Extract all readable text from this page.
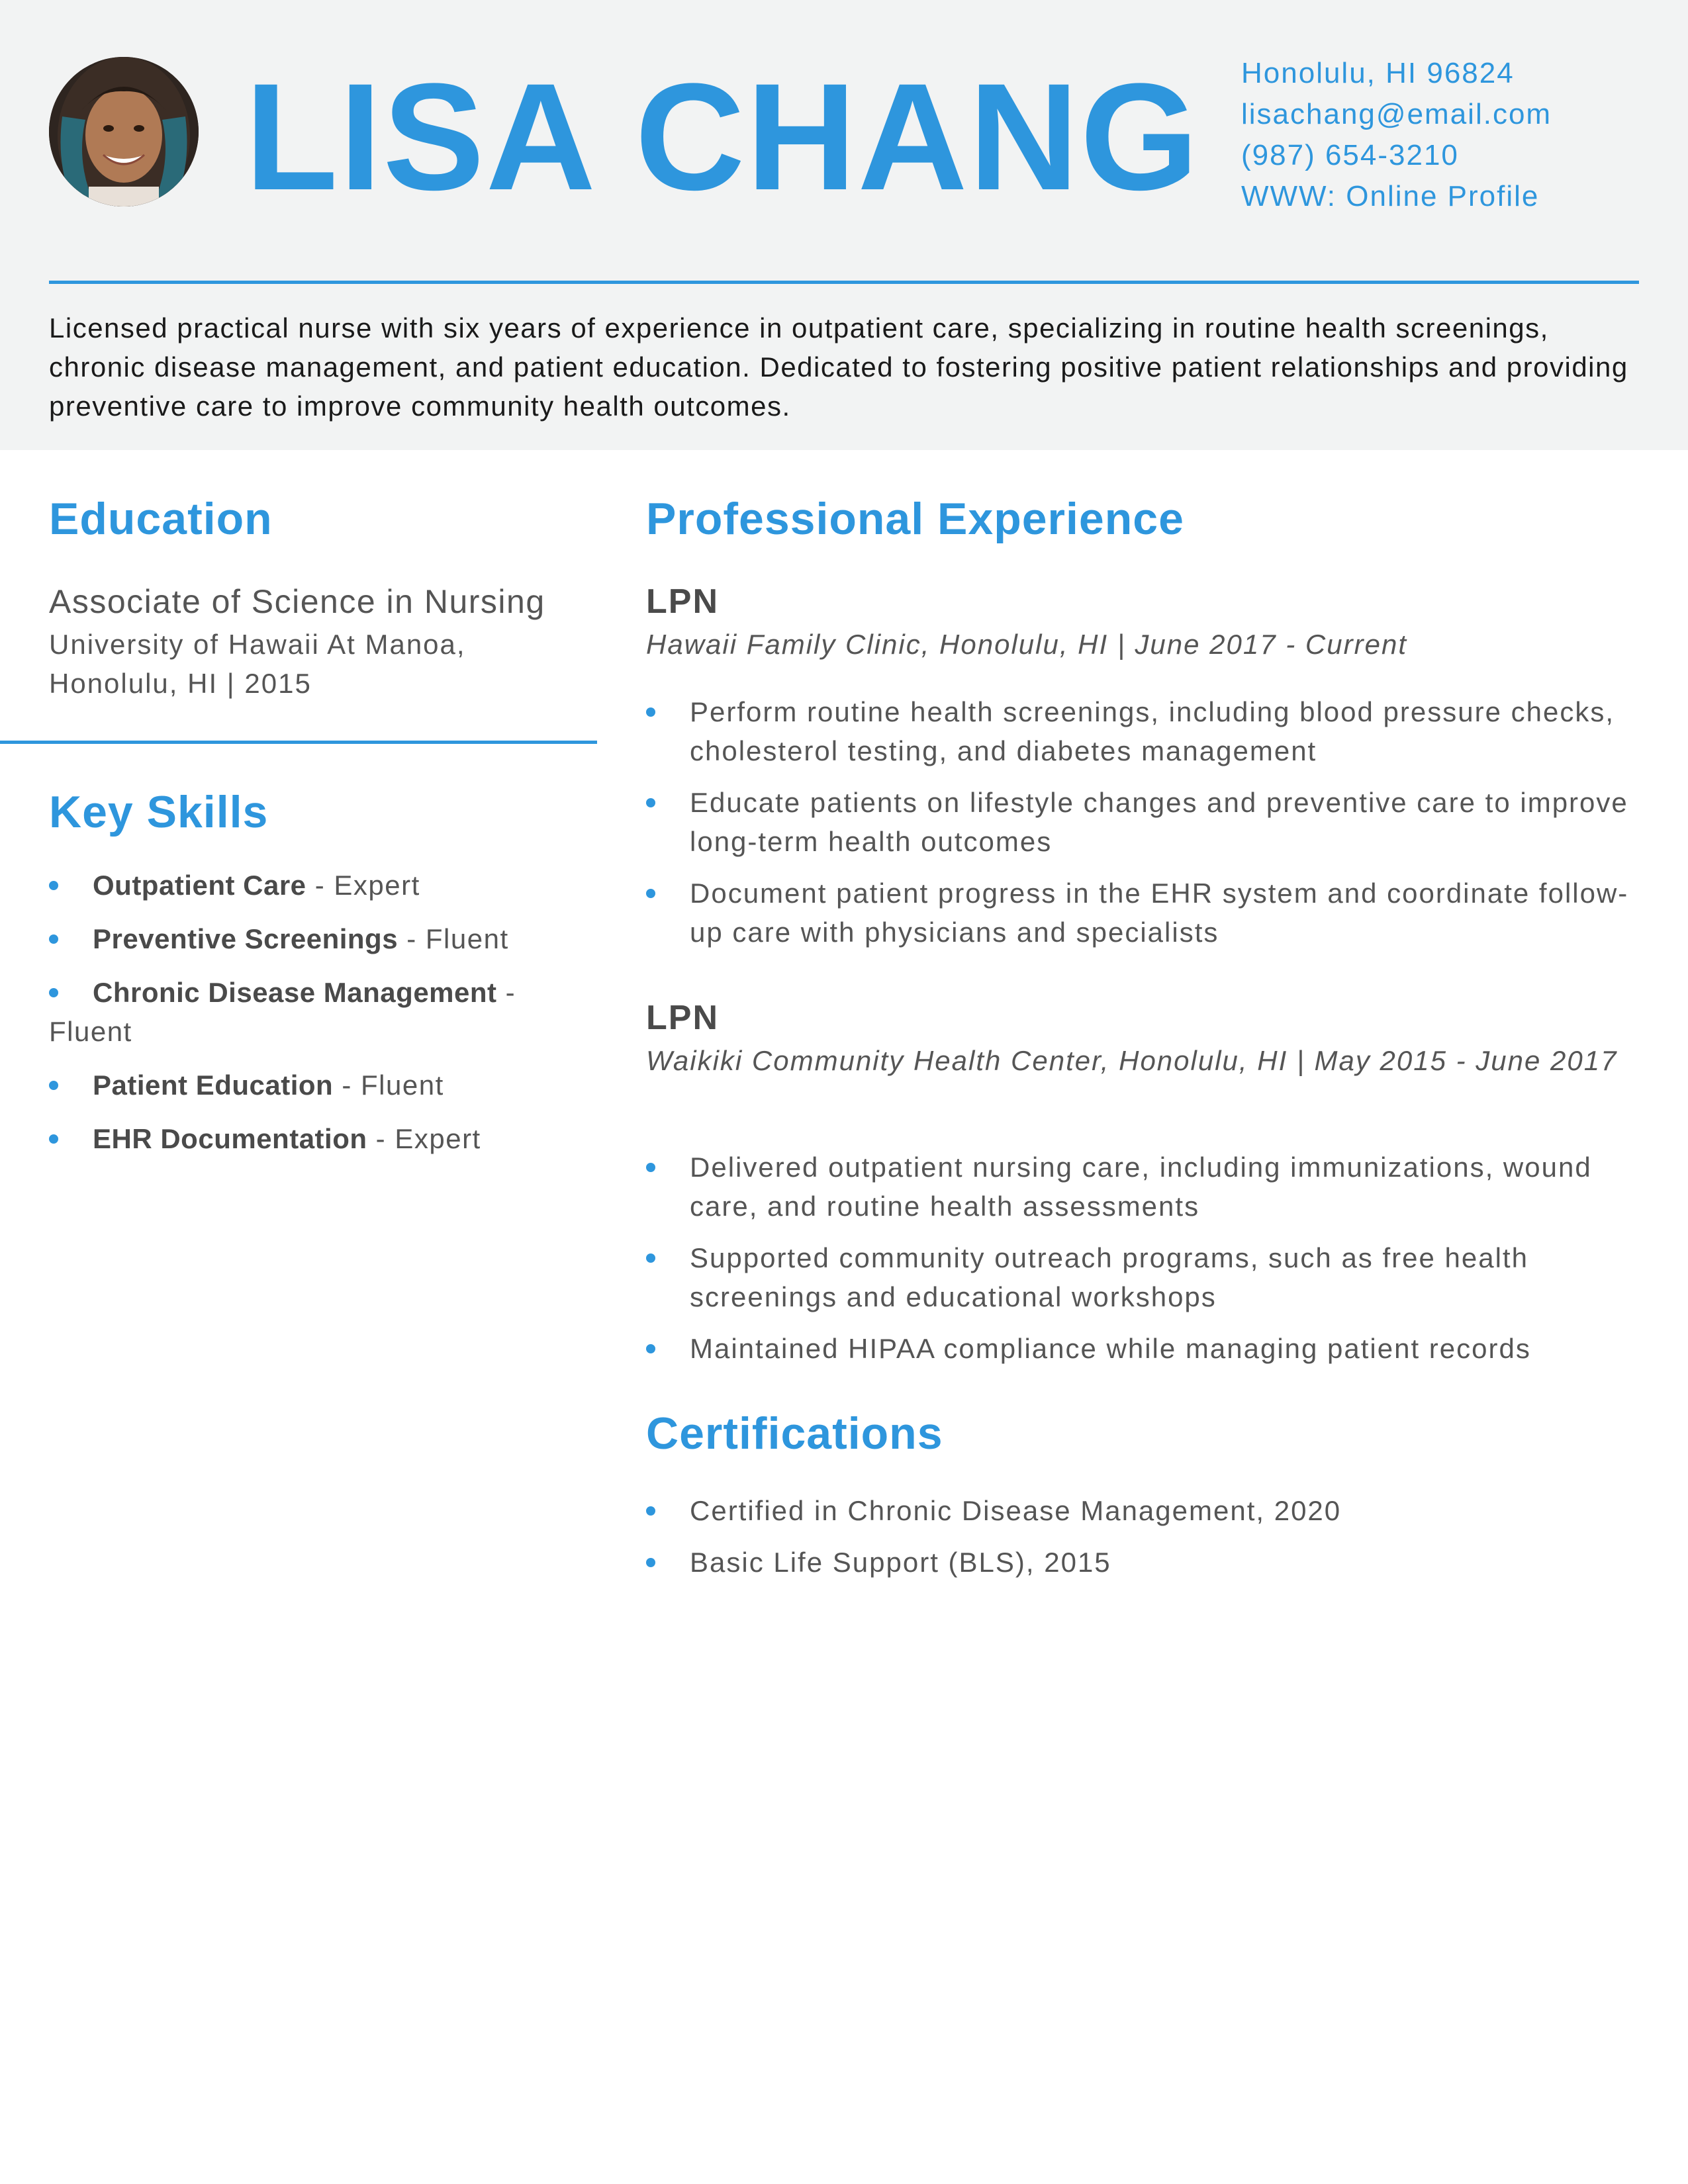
LISA CHANG Honolulu, HI 96824
lisachang@email.com
(987) 654-3210
WWW: Online Profile

Licensed practical nurse with six years of experience in outpatient care, specializing in routine health screenings, chronic disease management, and patient education. Dedicated to fostering positive patient relationships and providing preventive care to improve community health outcomes.

Education
Associate of Science in Nursing
University of Hawaii At Manoa,
Honolulu, HI | 2015
Key Skills
Outpatient Care - Expert
Preventive Screenings - Fluent
Chronic Disease Management - Fluent
Patient Education - Fluent
EHR Documentation - Expert
Professional Experience
LPN
Hawaii Family Clinic, Honolulu, HI | June 2017 - Current
Perform routine health screenings, including blood pressure checks, cholesterol testing, and diabetes management
Educate patients on lifestyle changes and preventive care to improve long-term health outcomes
Document patient progress in the EHR system and coordinate follow-up care with physicians and specialists
LPN
Waikiki Community Health Center, Honolulu, HI | May 2015 - June 2017
Delivered outpatient nursing care, including immunizations, wound care, and routine health assessments
Supported community outreach programs, such as free health screenings and educational workshops
Maintained HIPAA compliance while managing patient records
Certifications
Certified in Chronic Disease Management, 2020
Basic Life Support (BLS), 2015
